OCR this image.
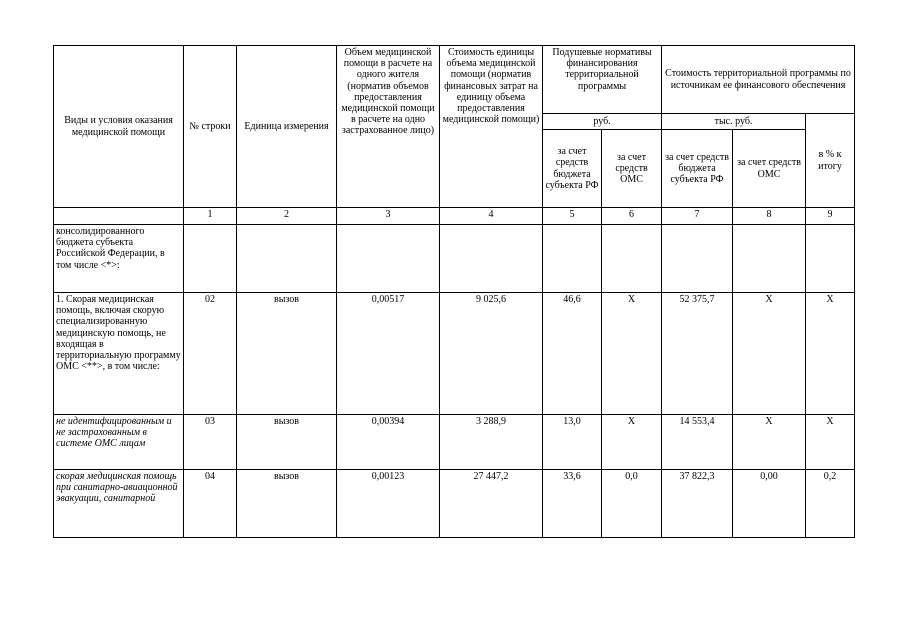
Виды и условия оказания медицинской помощи	№ строки	Единица измерения	Объем медицинской помощи в расчете на одного жителя (норматив объемов предоставления медицинской помощи в расчете на одно застрахованное лицо)	Стоимость единицы объема медицинской помощи (норматив финансовых затрат на единицу объема предоставления медицинской помощи)	Подушевые нормативы финансирования территориальной программы		Стоимость территориальной программы по источникам ее финансового обеспечения		
					руб.		тыс. руб.		в % к итогу
					за счет средств бюджета субъекта РФ	за счет средств ОМС	за счет средств бюджета субъекта РФ	за счет средств ОМС	
	1	2	3	4	5	6	7	8	9
консолидированного бюджета субъекта Российской Федерации, в том числе <*>:									
1. Скорая медицинская помощь, включая скорую специализированную медицинскую помощь, не входящая в территориальную программу ОМС <**>, в том числе:	02	вызов	0,00517	9 025,6	46,6	X	52 375,7	X	X
не идентифицированным и не застрахованным в системе ОМС лицам	03	вызов	0,00394	3 288,9	13,0	X	14 553,4	X	X
скорая медицинская помощь при санитарно-авиационной эвакуации, санитарной	04	вызов	0,00123	27 447,2	33,6	0,0	37 822,3	0,00	0,2
